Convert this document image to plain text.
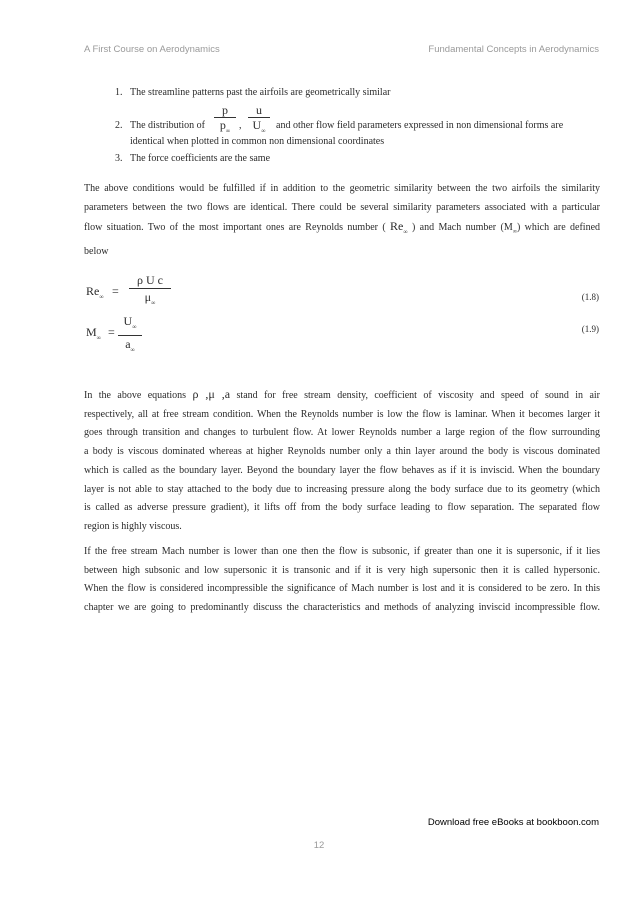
A First Course on Aerodynamics	Fundamental Concepts in Aerodynamics
1. The streamline patterns past the airfoils are geometrically similar
2. The distribution of
p
$p_\infty$
,
u
$U_\infty$
and other flow field parameters expressed in non dimensional forms are
identical when plotted in common non dimensional coordinates
3. The force coefficients are the same
The above conditions would be fulfilled if in addition to the geometric similarity between the two airfoils the similarity
parameters between the two flows are identical. There could be several similarity parameters associated with a particular
flow situation. Two of the most important ones are Reynolds number ( $Re_\infty$ ) and Mach number $(M_\infty)$ which are defined
below
$Re_\infty$ =
ρ U c
$\mu_\infty$
(1.8)
$M_\infty$ =
$U_\infty$
$a_\infty$
(1.9)
In the above equations ρ ,μ ,a stand for free stream density, coefficient of viscosity and speed of sound in air
respectively, all at free stream condition. When the Reynolds number is low the flow is laminar. When it becomes larger it
goes through transition and changes to turbulent flow. At lower Reynolds number a large region of the flow surrounding
a body is viscous dominated whereas at higher Reynolds number only a thin layer around the body is viscous dominated
which is called as the boundary layer. Beyond the boundary layer the flow behaves as if it is inviscid. When the boundary
layer is not able to stay attached to the body due to increasing pressure along the body surface due to its geometry (which
is called as adverse pressure gradient), it lifts off from the body surface leading to flow separation. The separated flow
region is highly viscous.
If the free stream Mach number is lower than one then the flow is subsonic, if greater than one it is supersonic, if it lies
between high subsonic and low supersonic it is transonic and if it is very high supersonic then it is called hypersonic.
When the flow is considered incompressible the significance of Mach number is lost and it is considered to be zero. In this
chapter we are going to predominantly discuss the characteristics and methods of analyzing inviscid incompressible flow.
Download free eBooks at bookboon.com
12
